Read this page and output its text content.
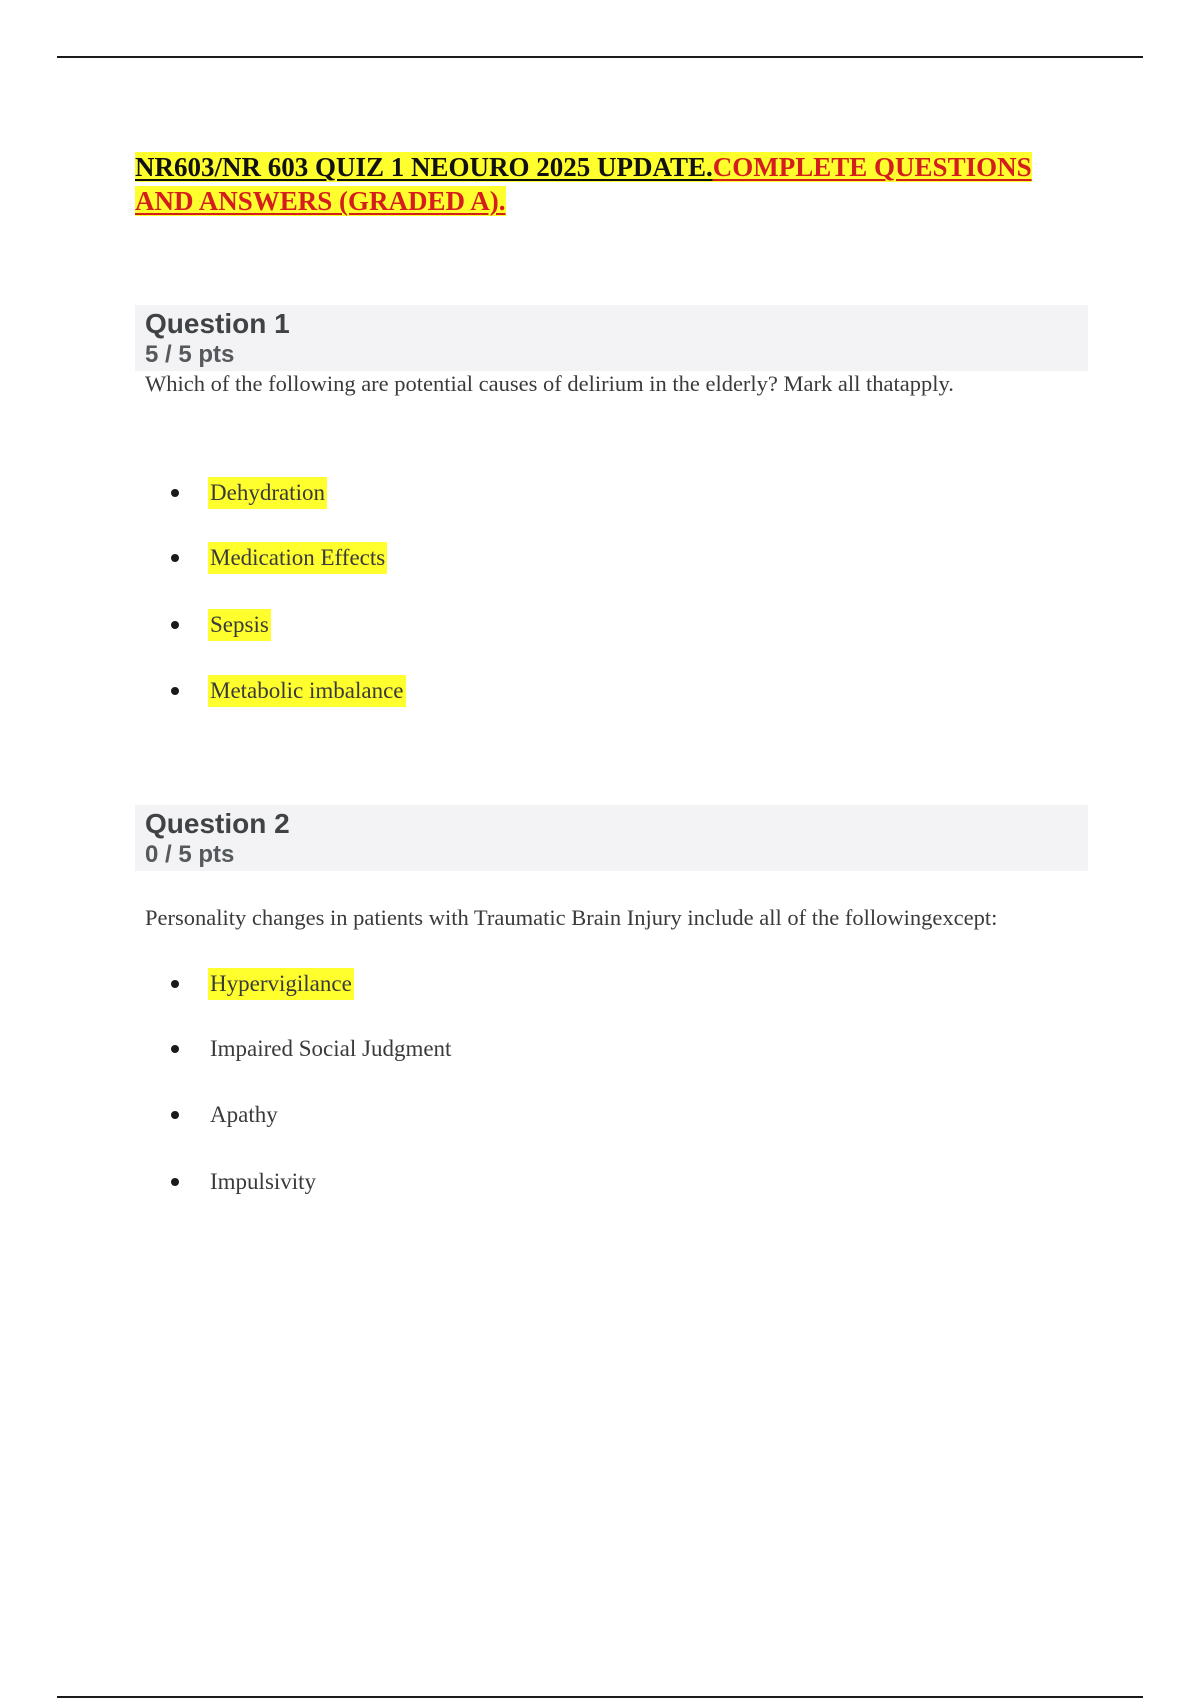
NR603/NR 603 QUIZ 1 NEOURO 2025 UPDATE.COMPLETE QUESTIONS AND ANSWERS (GRADED A).
Question 1
5 / 5 pts
Which of the following are potential causes of delirium in the elderly? Mark all thatapply.
Dehydration
Medication Effects
Sepsis
Metabolic imbalance
Question 2
0 / 5 pts
Personality changes in patients with Traumatic Brain Injury include all of the followingexcept:
Hypervigilance
Impaired Social Judgment
Apathy
Impulsivity
